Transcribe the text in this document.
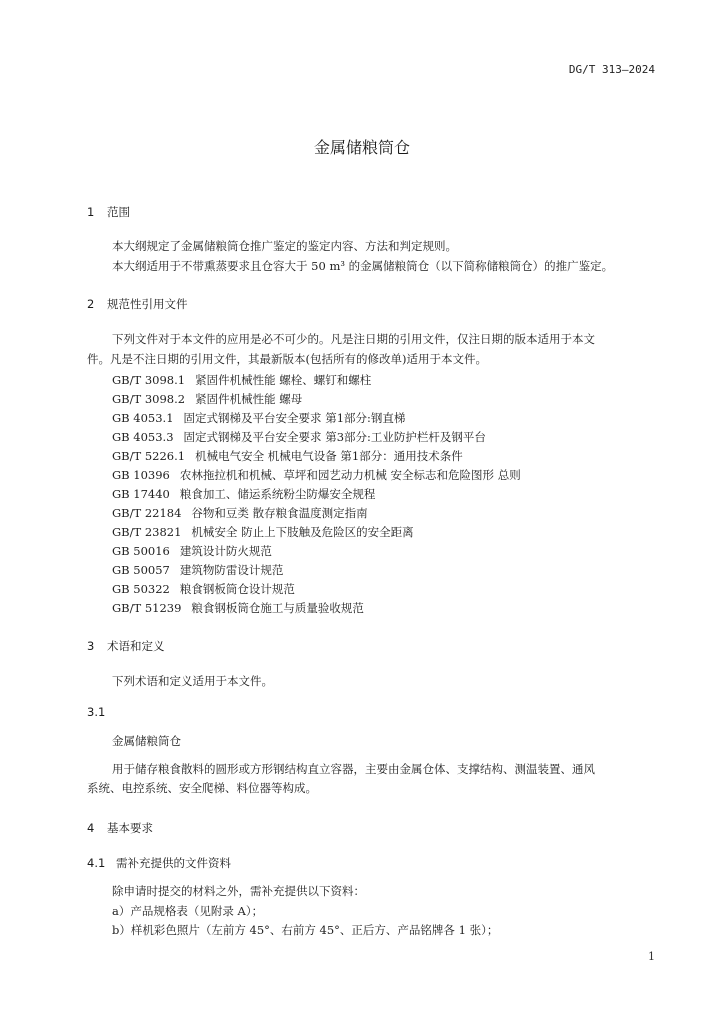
DG/T 313—2024
金属储粮筒仓
1 范围
本大纲规定了金属储粮筒仓推广鉴定的鉴定内容、方法和判定规则。
本大纲适用于不带熏蒸要求且仓容大于 50 m³ 的金属储粮筒仓（以下简称储粮筒仓）的推广鉴定。
2 规范性引用文件
下列文件对于本文件的应用是必不可少的。凡是注日期的引用文件，仅注日期的版本适用于本文
件。凡是不注日期的引用文件，其最新版本(包括所有的修改单)适用于本文件。
GB/T 3098.1 紧固件机械性能 螺栓、螺钉和螺柱
GB/T 3098.2 紧固件机械性能 螺母
GB 4053.1 固定式钢梯及平台安全要求 第1部分:钢直梯
GB 4053.3 固定式钢梯及平台安全要求 第3部分:工业防护栏杆及钢平台
GB/T 5226.1 机械电气安全 机械电气设备 第1部分：通用技术条件
GB 10396 农林拖拉机和机械、草坪和园艺动力机械 安全标志和危险图形 总则
GB 17440 粮食加工、储运系统粉尘防爆安全规程
GB/T 22184 谷物和豆类 散存粮食温度测定指南
GB/T 23821 机械安全 防止上下肢触及危险区的安全距离
GB 50016 建筑设计防火规范
GB 50057 建筑物防雷设计规范
GB 50322 粮食钢板筒仓设计规范
GB/T 51239 粮食钢板筒仓施工与质量验收规范
3 术语和定义
下列术语和定义适用于本文件。
3.1
金属储粮筒仓
用于储存粮食散料的圆形或方形钢结构直立容器，主要由金属仓体、支撑结构、测温装置、通风
系统、电控系统、安全爬梯、料位器等构成。
4 基本要求
4.1 需补充提供的文件资料
除申请时提交的材料之外，需补充提供以下资料：
a）产品规格表（见附录 A）；
b）样机彩色照片（左前方 45°、右前方 45°、正后方、产品铭牌各 1 张）；
1
